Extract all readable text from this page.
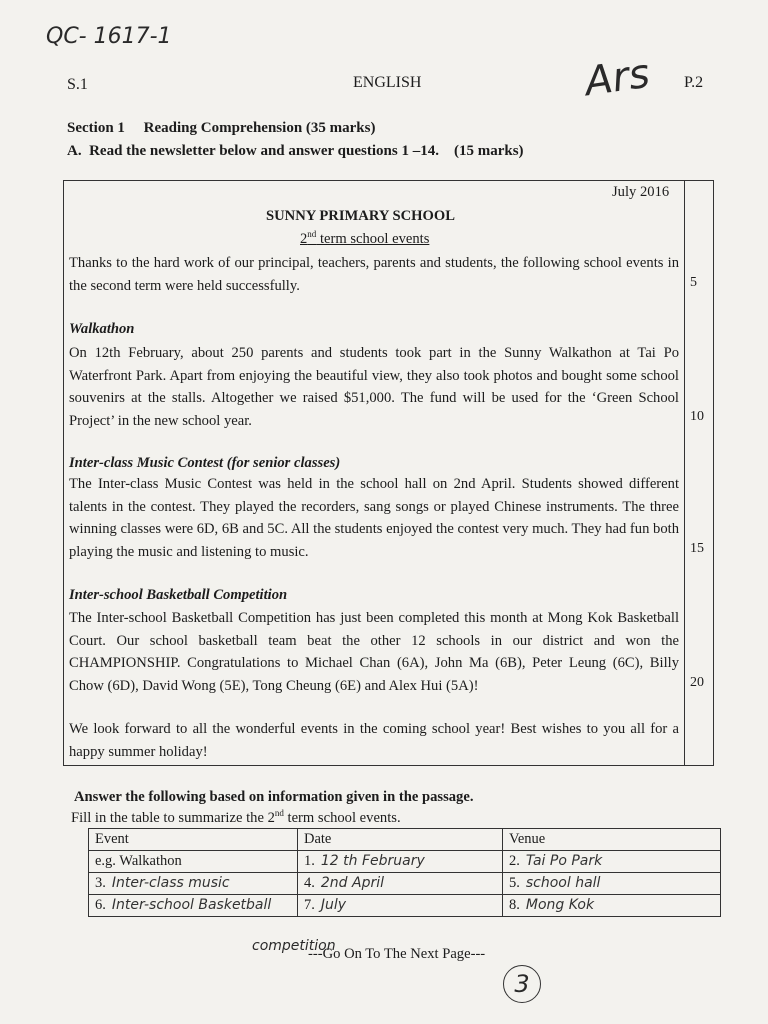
QC- 1617-1
S.1	ENGLISH	P.2
Ars
Section 1     Reading Comprehension (35 marks)
A.  Read the newsletter below and answer questions 1 –14.    (15 marks)
July 2016
SUNNY PRIMARY SCHOOL
2nd term school events
Thanks to the hard work of our principal, teachers, parents and students, the following school events in the second term were held successfully.
Walkathon
On 12th February, about 250 parents and students took part in the Sunny Walkathon at Tai Po Waterfront Park. Apart from enjoying the beautiful view, they also took photos and bought some school souvenirs at the stalls. Altogether we raised $51,000. The fund will be used for the ‘Green School Project’ in the new school year.
Inter-class Music Contest (for senior classes)
The Inter-class Music Contest was held in the school hall on 2nd April. Students showed different talents in the contest. They played the recorders, sang songs or played Chinese instruments. The three winning classes were 6D, 6B and 5C. All the students enjoyed the contest very much. They had fun both playing the music and listening to music.
Inter-school Basketball Competition
The Inter-school Basketball Competition has just been completed this month at Mong Kok Basketball Court. Our school basketball team beat the other 12 schools in our district and won the CHAMPIONSHIP. Congratulations to Michael Chan (6A), John Ma (6B), Peter Leung (6C), Billy Chow (6D), David Wong (5E), Tong Cheung (6E) and Alex Hui (5A)!
We look forward to all the wonderful events in the coming school year! Best wishes to you all for a happy summer holiday!
5
10
15
20
Answer the following based on information given in the passage.
Fill in the table to summarize the 2nd term school events.
Event	Date	Venue
e.g. Walkathon	1. 12 th February	2. Tai Po Park
3. Inter-class music	4. 2nd April	5. school hall
6. Inter-school Basketball	7. July	8. Mong Kok
competition
---Go On To The Next Page---
3
